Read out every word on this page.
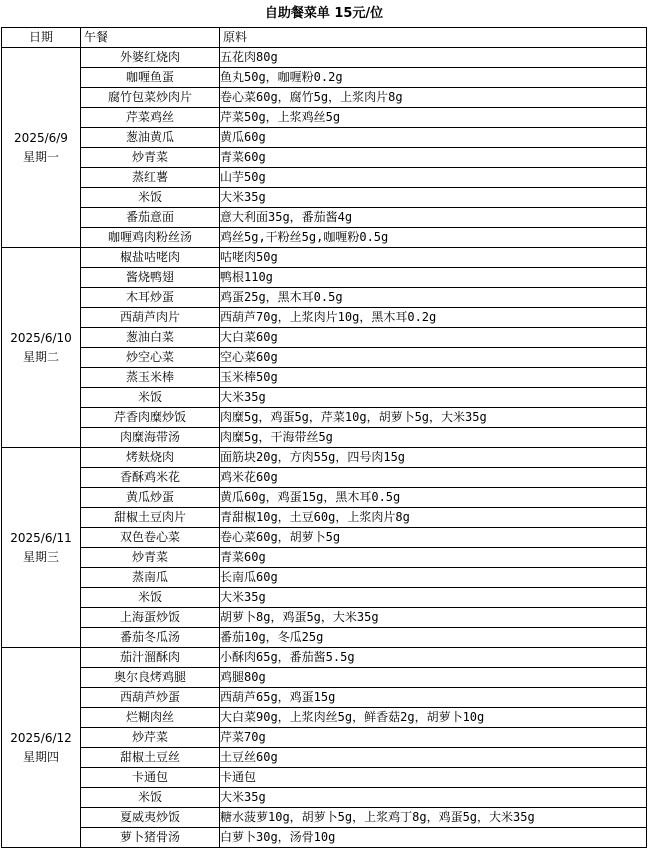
自助餐菜单 15元/位
日期	午餐	原料

2025/6/9
星期一	外婆红烧肉	五花肉80g
	咖喱鱼蛋	鱼丸50g，咖喱粉0.2g
	腐竹包菜炒肉片	卷心菜60g，腐竹5g，上浆肉片8g
	芹菜鸡丝	芹菜50g，上浆鸡丝5g
	葱油黄瓜	黄瓜60g
	炒青菜	青菜60g
	蒸红薯	山芋50g
	米饭	大米35g
	番茄意面	意大利面35g，番茄酱4g
	咖喱鸡肉粉丝汤	鸡丝5g,干粉丝5g,咖喱粉0.5g

2025/6/10
星期二	椒盐咕咾肉	咕咾肉50g
	酱烧鸭翅	鸭根110g
	木耳炒蛋	鸡蛋25g，黑木耳0.5g
	西葫芦肉片	西葫芦70g，上浆肉片10g，黑木耳0.2g
	葱油白菜	大白菜60g
	炒空心菜	空心菜60g
	蒸玉米棒	玉米棒50g
	米饭	大米35g
	芹香肉糜炒饭	肉糜5g，鸡蛋5g，芹菜10g，胡萝卜5g，大米35g
	肉糜海带汤	肉糜5g，干海带丝5g

2025/6/11
星期三	烤麸烧肉	面筋块20g，方肉55g，四号肉15g
	香酥鸡米花	鸡米花60g
	黄瓜炒蛋	黄瓜60g，鸡蛋15g，黑木耳0.5g
	甜椒土豆肉片	青甜椒10g，土豆60g，上浆肉片8g
	双色卷心菜	卷心菜60g，胡萝卜5g
	炒青菜	青菜60g
	蒸南瓜	长南瓜60g
	米饭	大米35g
	上海蛋炒饭	胡萝卜8g，鸡蛋5g，大米35g
	番茄冬瓜汤	番茄10g，冬瓜25g

2025/6/12
星期四	茄汁溜酥肉	小酥肉65g，番茄酱5.5g
	奥尔良烤鸡腿	鸡腿80g
	西葫芦炒蛋	西葫芦65g，鸡蛋15g
	烂糊肉丝	大白菜90g，上浆肉丝5g，鲜香菇2g，胡萝卜10g
	炒芹菜	芹菜70g
	甜椒土豆丝	土豆丝60g
	卡通包	卡通包
	米饭	大米35g
	夏威夷炒饭	糖水菠萝10g，胡萝卜5g，上浆鸡丁8g，鸡蛋5g，大米35g
	萝卜猪骨汤	白萝卜30g，汤骨10g
